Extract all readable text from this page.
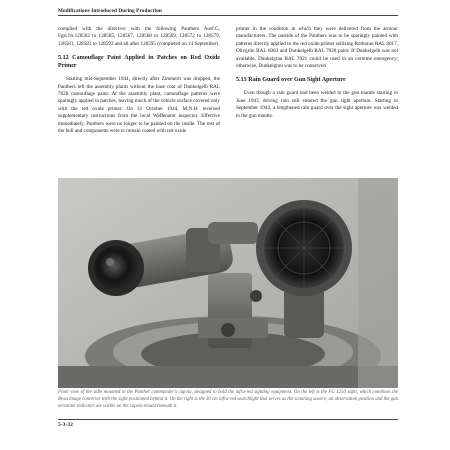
Modifications Introduced During Production

complied with the directive with the following Panthers Ausf.G, Fgst.Nr.128562 to 128565, 128567, 128568 to 128569, 128572 to 128579, 128581, 128583 to 128593 and all after 128595 (completed on 14 September).

5.12 Camouflage Paint Applied in Patches on Red Oxide Primer

Starting mid-September 1944, directly after Zimmerit was dropped, the Panthers left the assembly plants without the base coat of Dunkelgelb RAL 7028 camouflage paint. At the assembly plant, camouflage patterns were sparingly applied in patches, leaving much of the vehicle surface covered only with the red oxide primer. On 31 October 1944, M.N.H. received supplementary instructions from the local Waffenamt inspector. Effective immediately, Panthers were no longer to be painted on the inside. The rest of the hull and components were to remain coated with red oxide

primer in the condition in which they were delivered from the armour manufacturers. The outside of the Panthers was to be sparingly painted with patterns directly applied to the red oxide primer utilizing Rotbraun RAL 8017, Olivgrün RAL 6003 and Dunkelgelb RAL 7028 paint. If Dunkelgelb was not available, Dunkelgrau RAL 7021 could be used in an extreme emergency; otherwise, Dunkelgrau was to be conserved.

5.13 Rain Guard over Gun Sight Aperture

Even though a rain guard had been welded to the gun mantle starting in June 1943, driving rain still entered the gun sight aperture. Starting in September 1944, a lengthened rain guard over the sight aperture was welded to the gun mantle.

Front view of the sidle mounted in the Panther commander's cupola, designed to hold the infra-red sighting equipment. On the left is the FG 1250 sight, which combines the Biwa image converter with the sight positioned behind it. On the right is the 30 cm infra-red searchlight that serves as the scanning source; an observation position and the gun elevation indicator are visible on the cupola mount beneath it.
5-3-32
